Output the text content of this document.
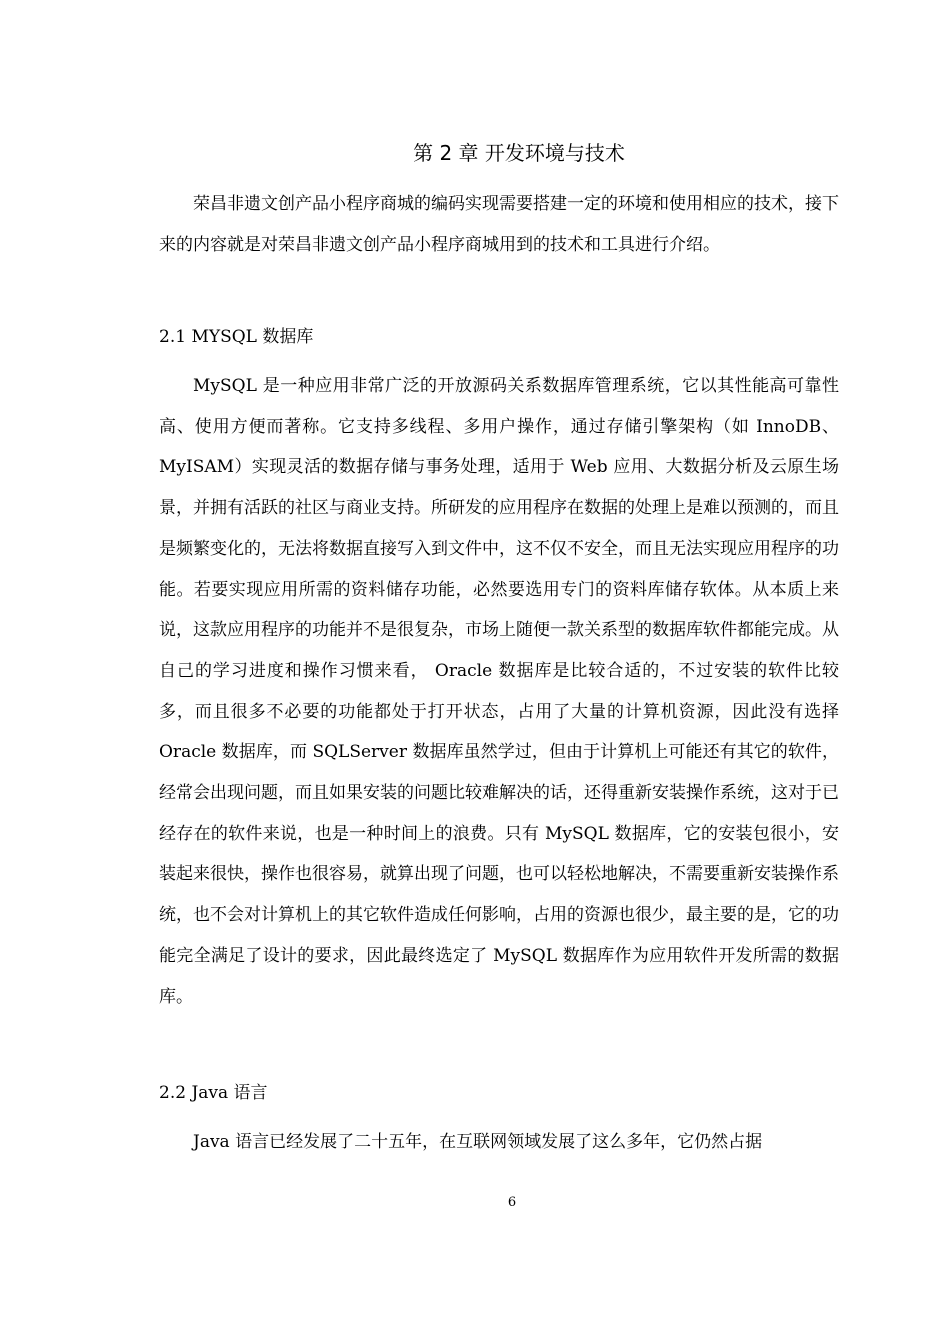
第 2 章 开发环境与技术

荣昌非遗文创产品小程序商城的编码实现需要搭建一定的环境和使用相应的技术，接下来的内容就是对荣昌非遗文创产品小程序商城用到的技术和工具进行介绍。

2.1 MYSQL 数据库

MySQL 是一种应用非常广泛的开放源码关系数据库管理系统，它以其性能高可靠性高、使用方便而著称。它支持多线程、多用户操作，通过存储引擎架构（如 InnoDB、MyISAM）实现灵活的数据存储与事务处理，适用于 Web 应用、大数据分析及云原生场景，并拥有活跃的社区与商业支持。所研发的应用程序在数据的处理上是难以预测的，而且是频繁变化的，无法将数据直接写入到文件中，这不仅不安全，而且无法实现应用程序的功能。若要实现应用所需的资料储存功能，必然要选用专门的资料库储存软体。从本质上来说，这款应用程序的功能并不是很复杂，市场上随便一款关系型的数据库软件都能完成。从自己的学习进度和操作习惯来看， Oracle 数据库是比较合适的，不过安装的软件比较多，而且很多不必要的功能都处于打开状态，占用了大量的计算机资源，因此没有选择 Oracle 数据库，而 SQLServer 数据库虽然学过，但由于计算机上可能还有其它的软件，经常会出现问题，而且如果安装的问题比较难解决的话，还得重新安装操作系统，这对于已经存在的软件来说，也是一种时间上的浪费。只有 MySQL 数据库，它的安装包很小，安装起来很快，操作也很容易，就算出现了问题，也可以轻松地解决，不需要重新安装操作系统，也不会对计算机上的其它软件造成任何影响，占用的资源也很少，最主要的是，它的功能完全满足了设计的要求，因此最终选定了 MySQL 数据库作为应用软件开发所需的数据库。

2.2 Java 语言

Java 语言已经发展了二十五年，在互联网领域发展了这么多年，它仍然占据

6
